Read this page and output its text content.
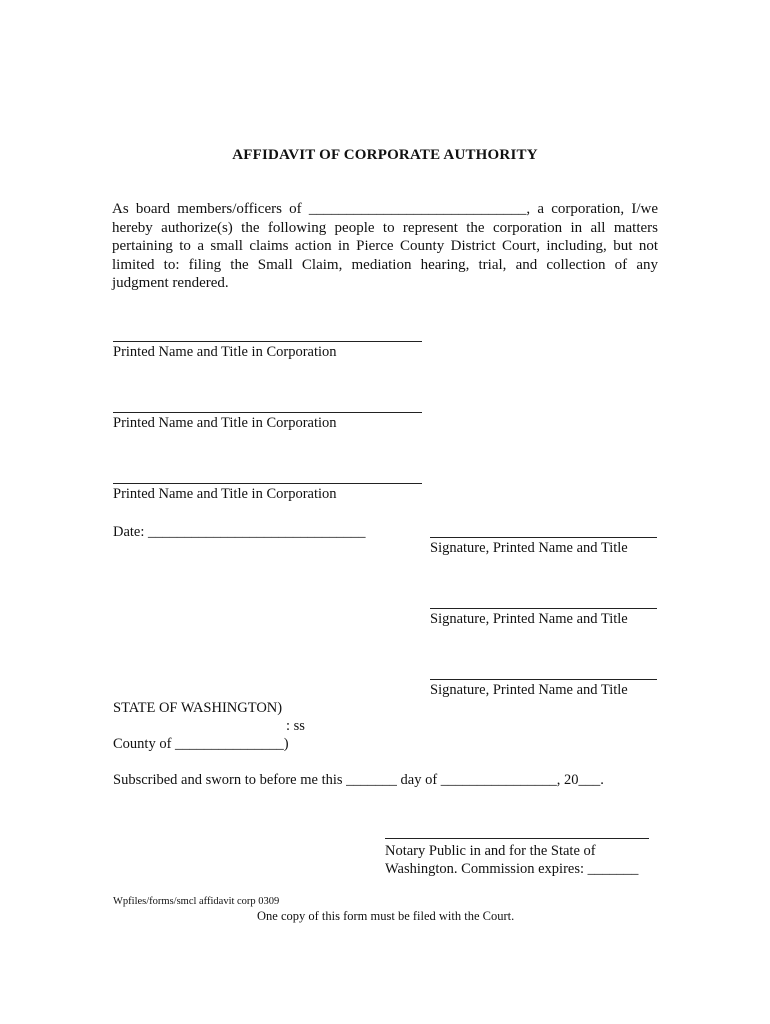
AFFIDAVIT OF CORPORATE AUTHORITY
As board members/officers of _____________________________, a corporation, I/we
hereby authorize(s) the following people to represent the corporation in all matters
pertaining to a small claims action in Pierce County District Court, including, but not
limited to: filing the Small Claim, mediation hearing, trial, and collection of any
judgment rendered.
Printed Name and Title in Corporation
Printed Name and Title in Corporation
Printed Name and Title in Corporation
Date: ______________________________
Signature, Printed Name and Title
Signature, Printed Name and Title
Signature, Printed Name and Title
STATE OF WASHINGTON)
: ss
County of _______________)
Subscribed and sworn to before me this _______ day of ________________, 20___.
Notary Public in and for the State of
Washington. Commission expires: _______
Wpfiles/forms/smcl affidavit corp 0309
One copy of this form must be filed with the Court.
